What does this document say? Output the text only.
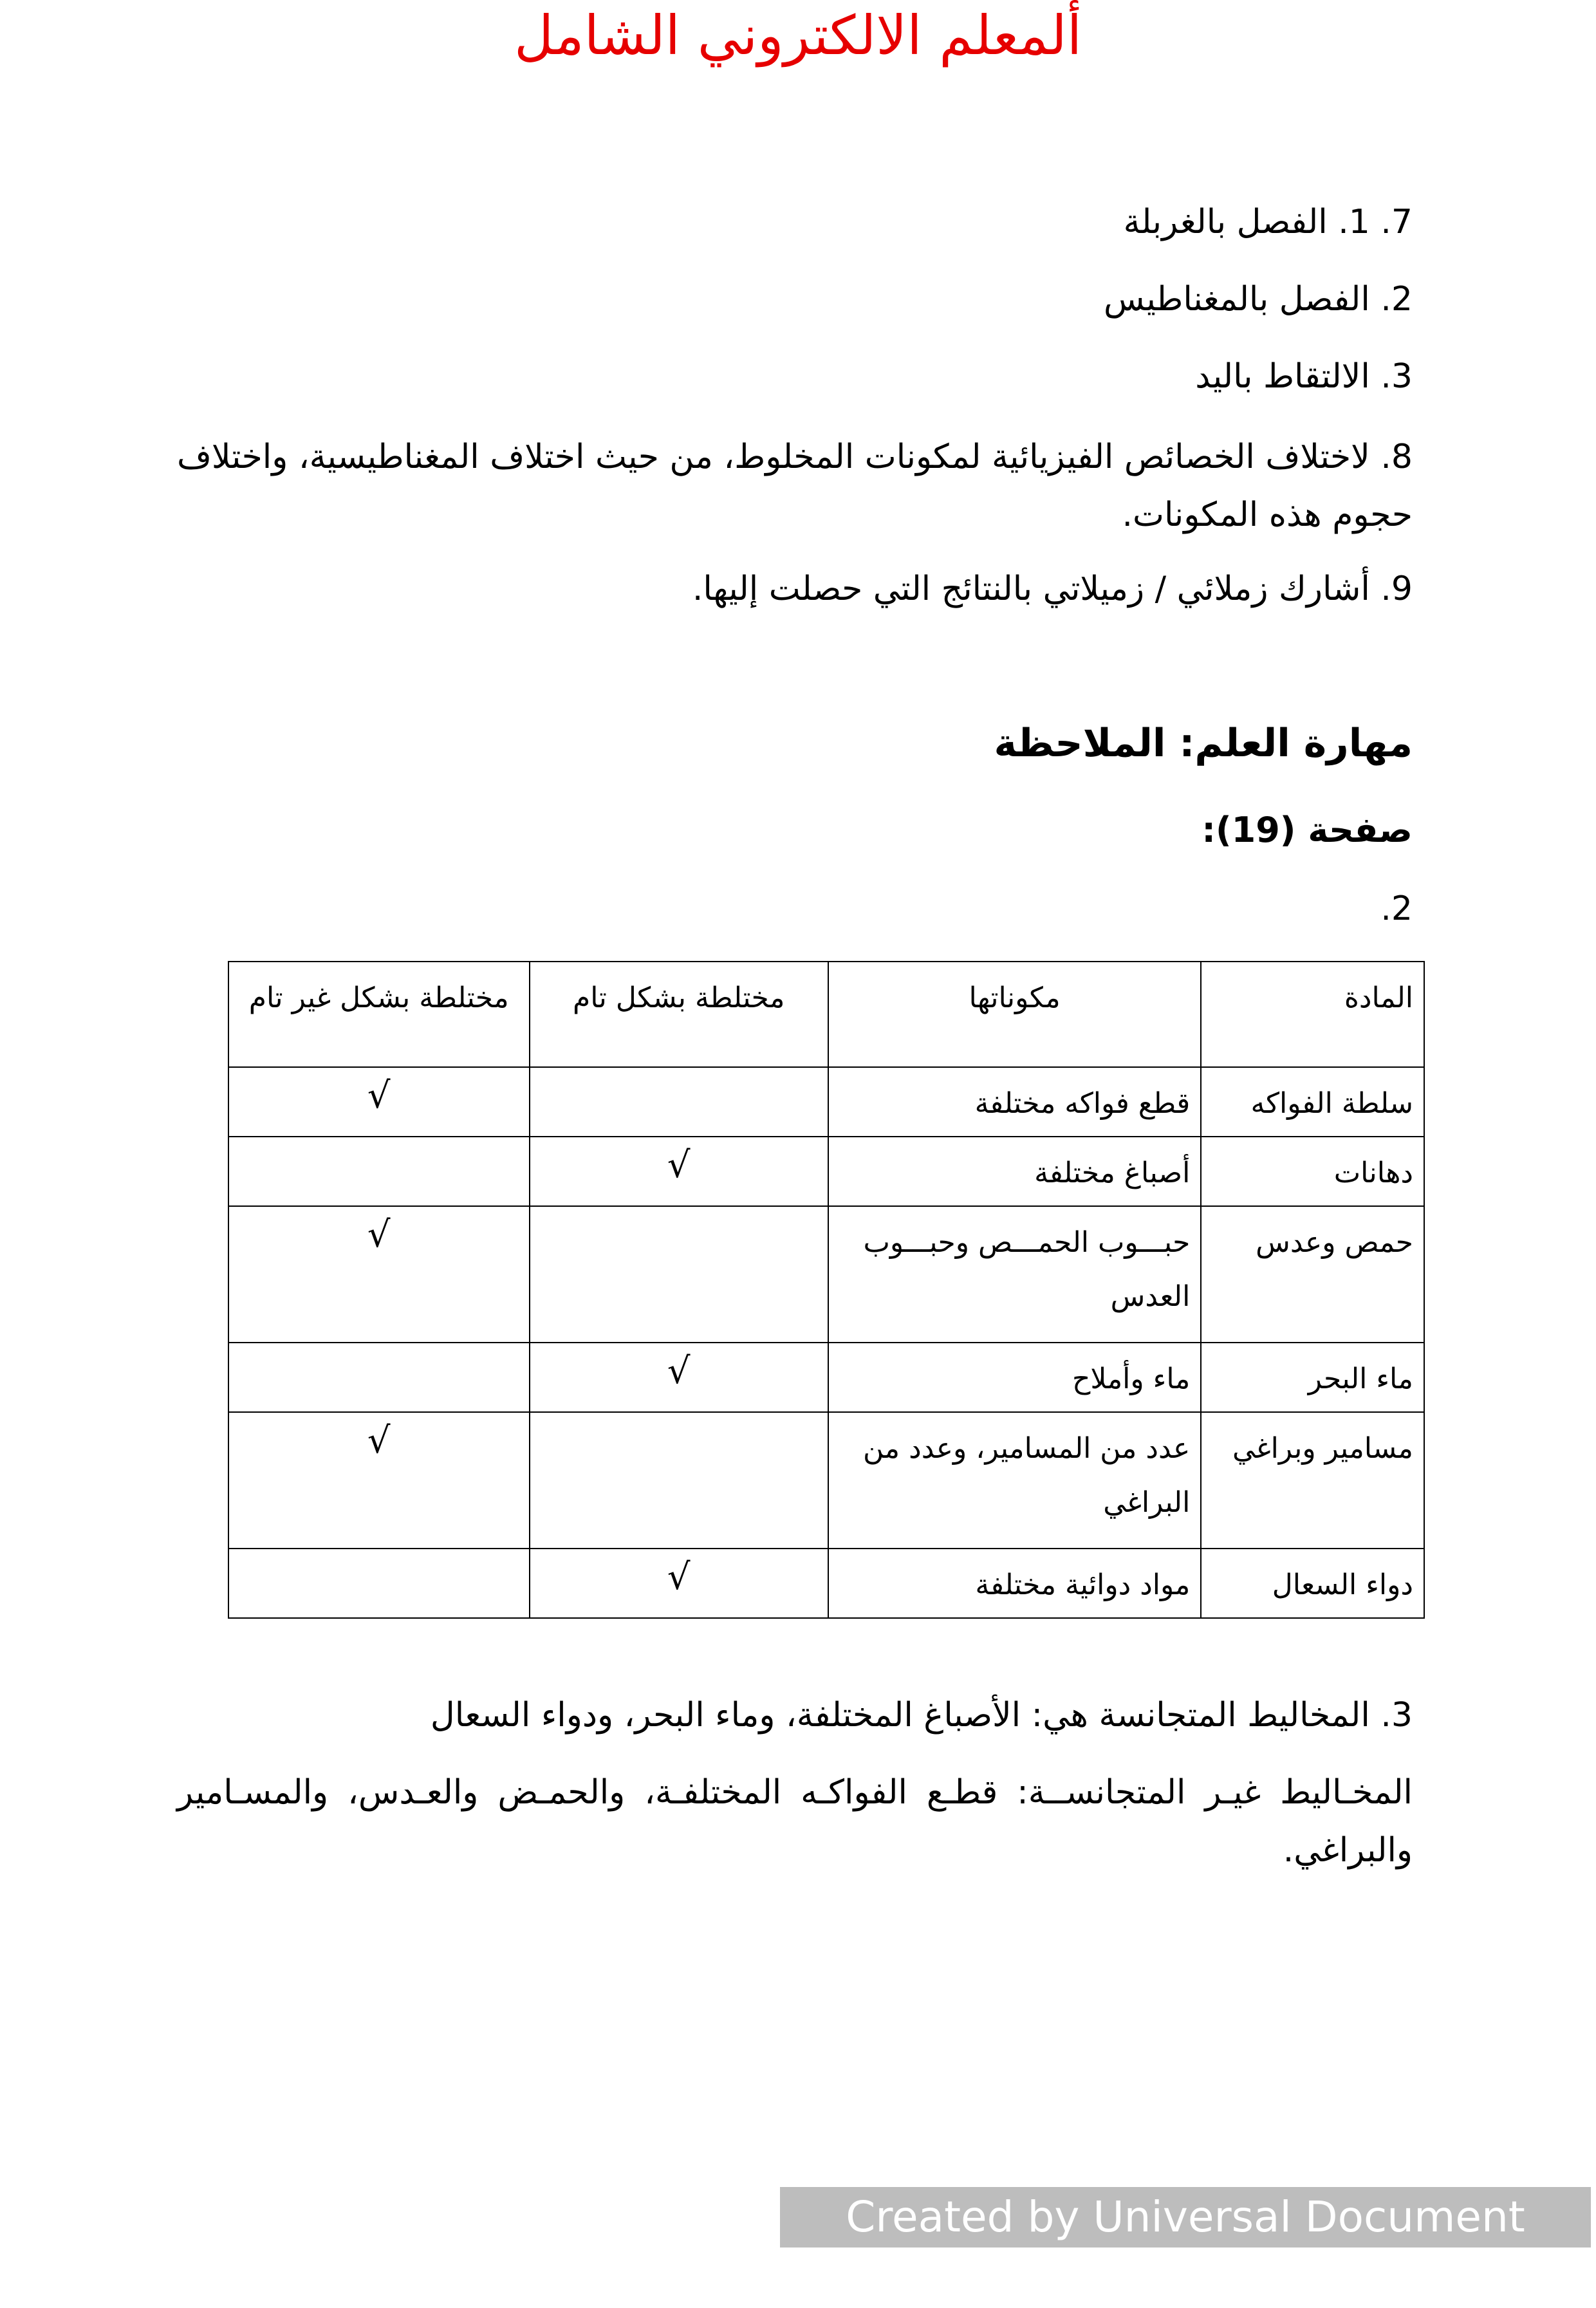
ألمعلم الالكتروني الشامل
7. 1. الفصل بالغربلة
2. الفصل بالمغناطيس
3. الالتقاط باليد
8. لاختلاف الخصائص الفيزيائية لمكونات المخلوط، من حيث اختلاف المغناطيسية، واختلاف حجوم هذه المكونات.
9. أشارك زملائي / زميلاتي بالنتائج التي حصلت إليها.
مهارة العلم: الملاحظة
صفحة (19):
2.
المادة	مكوناتها	مختلطة بشكل تام	مختلطة بشكل غير تام
سلطة الفواكه	قطع فواكه مختلفة		√
دهانات	أصباغ مختلفة	√	
حمص وعدس	حبـــوب الحمـــص وحبـــوب العدس		√
ماء البحر	ماء وأملاح	√	
مسامير وبراغي	عدد من المسامير، وعدد من البراغي		√
دواء السعال	مواد دوائية مختلفة	√	
3. المخاليط المتجانسة هي: الأصباغ المختلفة، وماء البحر، ودواء السعال
المخـاليط غيـر المتجانســة: قطـع الفواكـه المختلفـة، والحمـض والعـدس، والمسـامير والبراغي.
Created by Universal Document Converter
